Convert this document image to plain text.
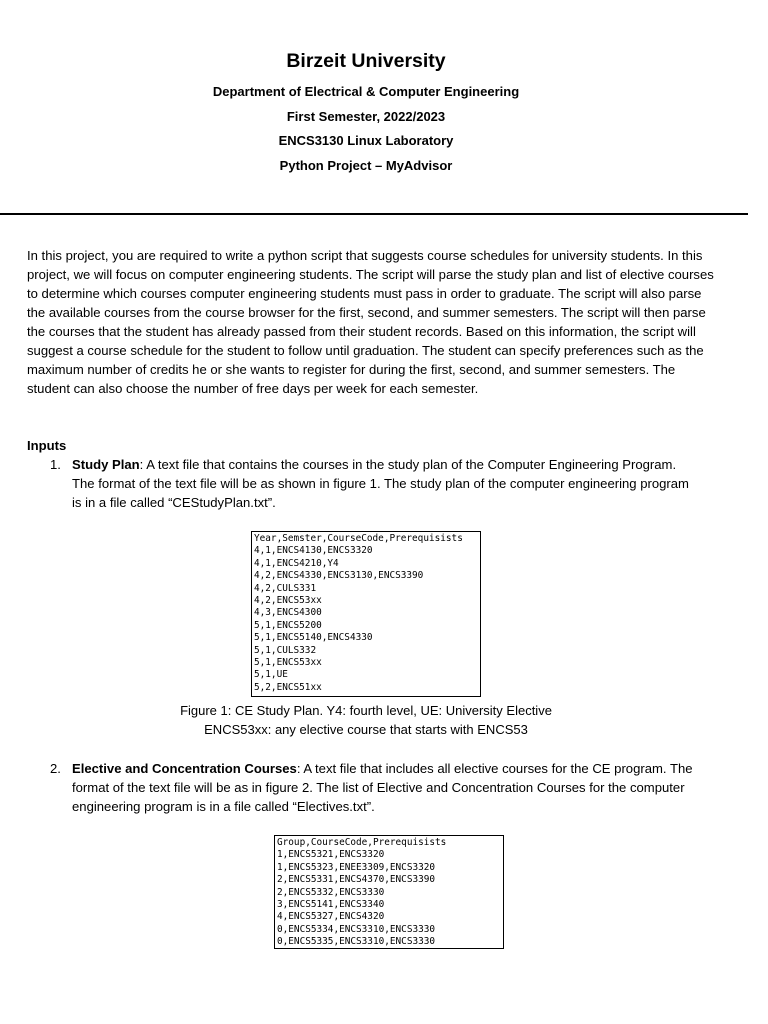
Birzeit University
Department of Electrical & Computer Engineering
First Semester, 2022/2023
ENCS3130 Linux Laboratory
Python Project – MyAdvisor

In this project, you are required to write a python script that suggests course schedules for university students. In this project, we will focus on computer engineering students. The script will parse the study plan and list of elective courses to determine which courses computer engineering students must pass in order to graduate. The script will also parse the available courses from the course browser for the first, second, and summer semesters. The script will then parse the courses that the student has already passed from their student records. Based on this information, the script will suggest a course schedule for the student to follow until graduation. The student can specify preferences such as the maximum number of credits he or she wants to register for during the first, second, and summer semesters. The student can also choose the number of free days per week for each semester.

Inputs
1. Study Plan: A text file that contains the courses in the study plan of the Computer Engineering Program. The format of the text file will be as shown in figure 1. The study plan of the computer engineering program is in a file called “CEStudyPlan.txt”.
Year,Semster,CourseCode,Prerequisists
4,1,ENCS4130,ENCS3320
4,1,ENCS4210,Y4
4,2,ENCS4330,ENCS3130,ENCS3390
4,2,CULS331
4,2,ENCS53xx
4,3,ENCS4300
5,1,ENCS5200
5,1,ENCS5140,ENCS4330
5,1,CULS332
5,1,ENCS53xx
5,1,UE
5,2,ENCS51xx
Figure 1: CE Study Plan. Y4: fourth level, UE: University Elective
ENCS53xx: any elective course that starts with ENCS53
2. Elective and Concentration Courses: A text file that includes all elective courses for the CE program. The format of the text file will be as in figure 2. The list of Elective and Concentration Courses for the computer engineering program is in a file called “Electives.txt”.
Group,CourseCode,Prerequisists
1,ENCS5321,ENCS3320
1,ENCS5323,ENEE3309,ENCS3320
2,ENCS5331,ENCS4370,ENCS3390
2,ENCS5332,ENCS3330
3,ENCS5141,ENCS3340
4,ENCS5327,ENCS4320
0,ENCS5334,ENCS3310,ENCS3330
0,ENCS5335,ENCS3310,ENCS3330
